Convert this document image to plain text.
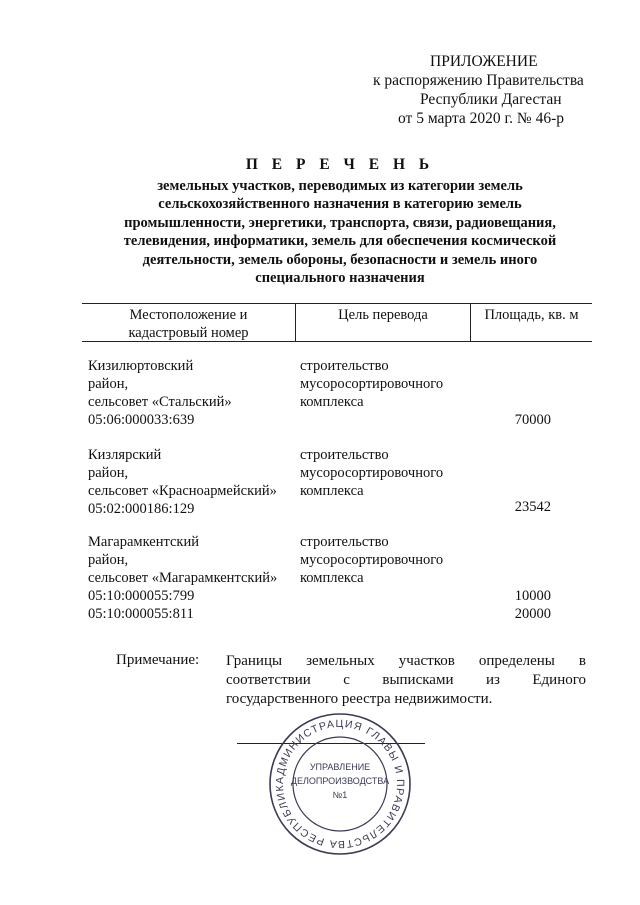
ПРИЛОЖЕНИЕ
к распоряжению Правительства
Республики Дагестан
от 5 марта 2020 г. № 46-р
П Е Р Е Ч Е Н Ь
земельных участков, переводимых из категории земель сельскохозяйственного назначения в категорию земель промышленности, энергетики, транспорта, связи, радиовещания, телевидения, информатики, земель для обеспечения космической деятельности, земель обороны, безопасности и земель иного специального назначения
Местоположение и
кадастровый номер
Цель перевода	Площадь, кв. м
Кизилюртовский
район,
сельсовет «Стальский»
05:06:000033:639
строительство
мусоросортировочного
комплекса
70000
Кизлярский
район,
сельсовет «Красноармейский»
05:02:000186:129
строительство
мусоросортировочного
комплекса
23542
Магарамкентский
район,
сельсовет «Магарамкентский»
05:10:000055:799
05:10:000055:811
строительство
мусоросортировочного
комплекса
10000
20000
Примечание: Границы земельных участков определены в соответствии с выписками из Единого государственного реестра недвижимости.
АДМИНИСТРАЦИЯ ГЛАВЫ И ПРАВИТЕЛЬСТВА РЕСПУБЛИК
УПРАВЛЕНИЕ
ДЕЛОПРОИЗВОДСТВА
№1
